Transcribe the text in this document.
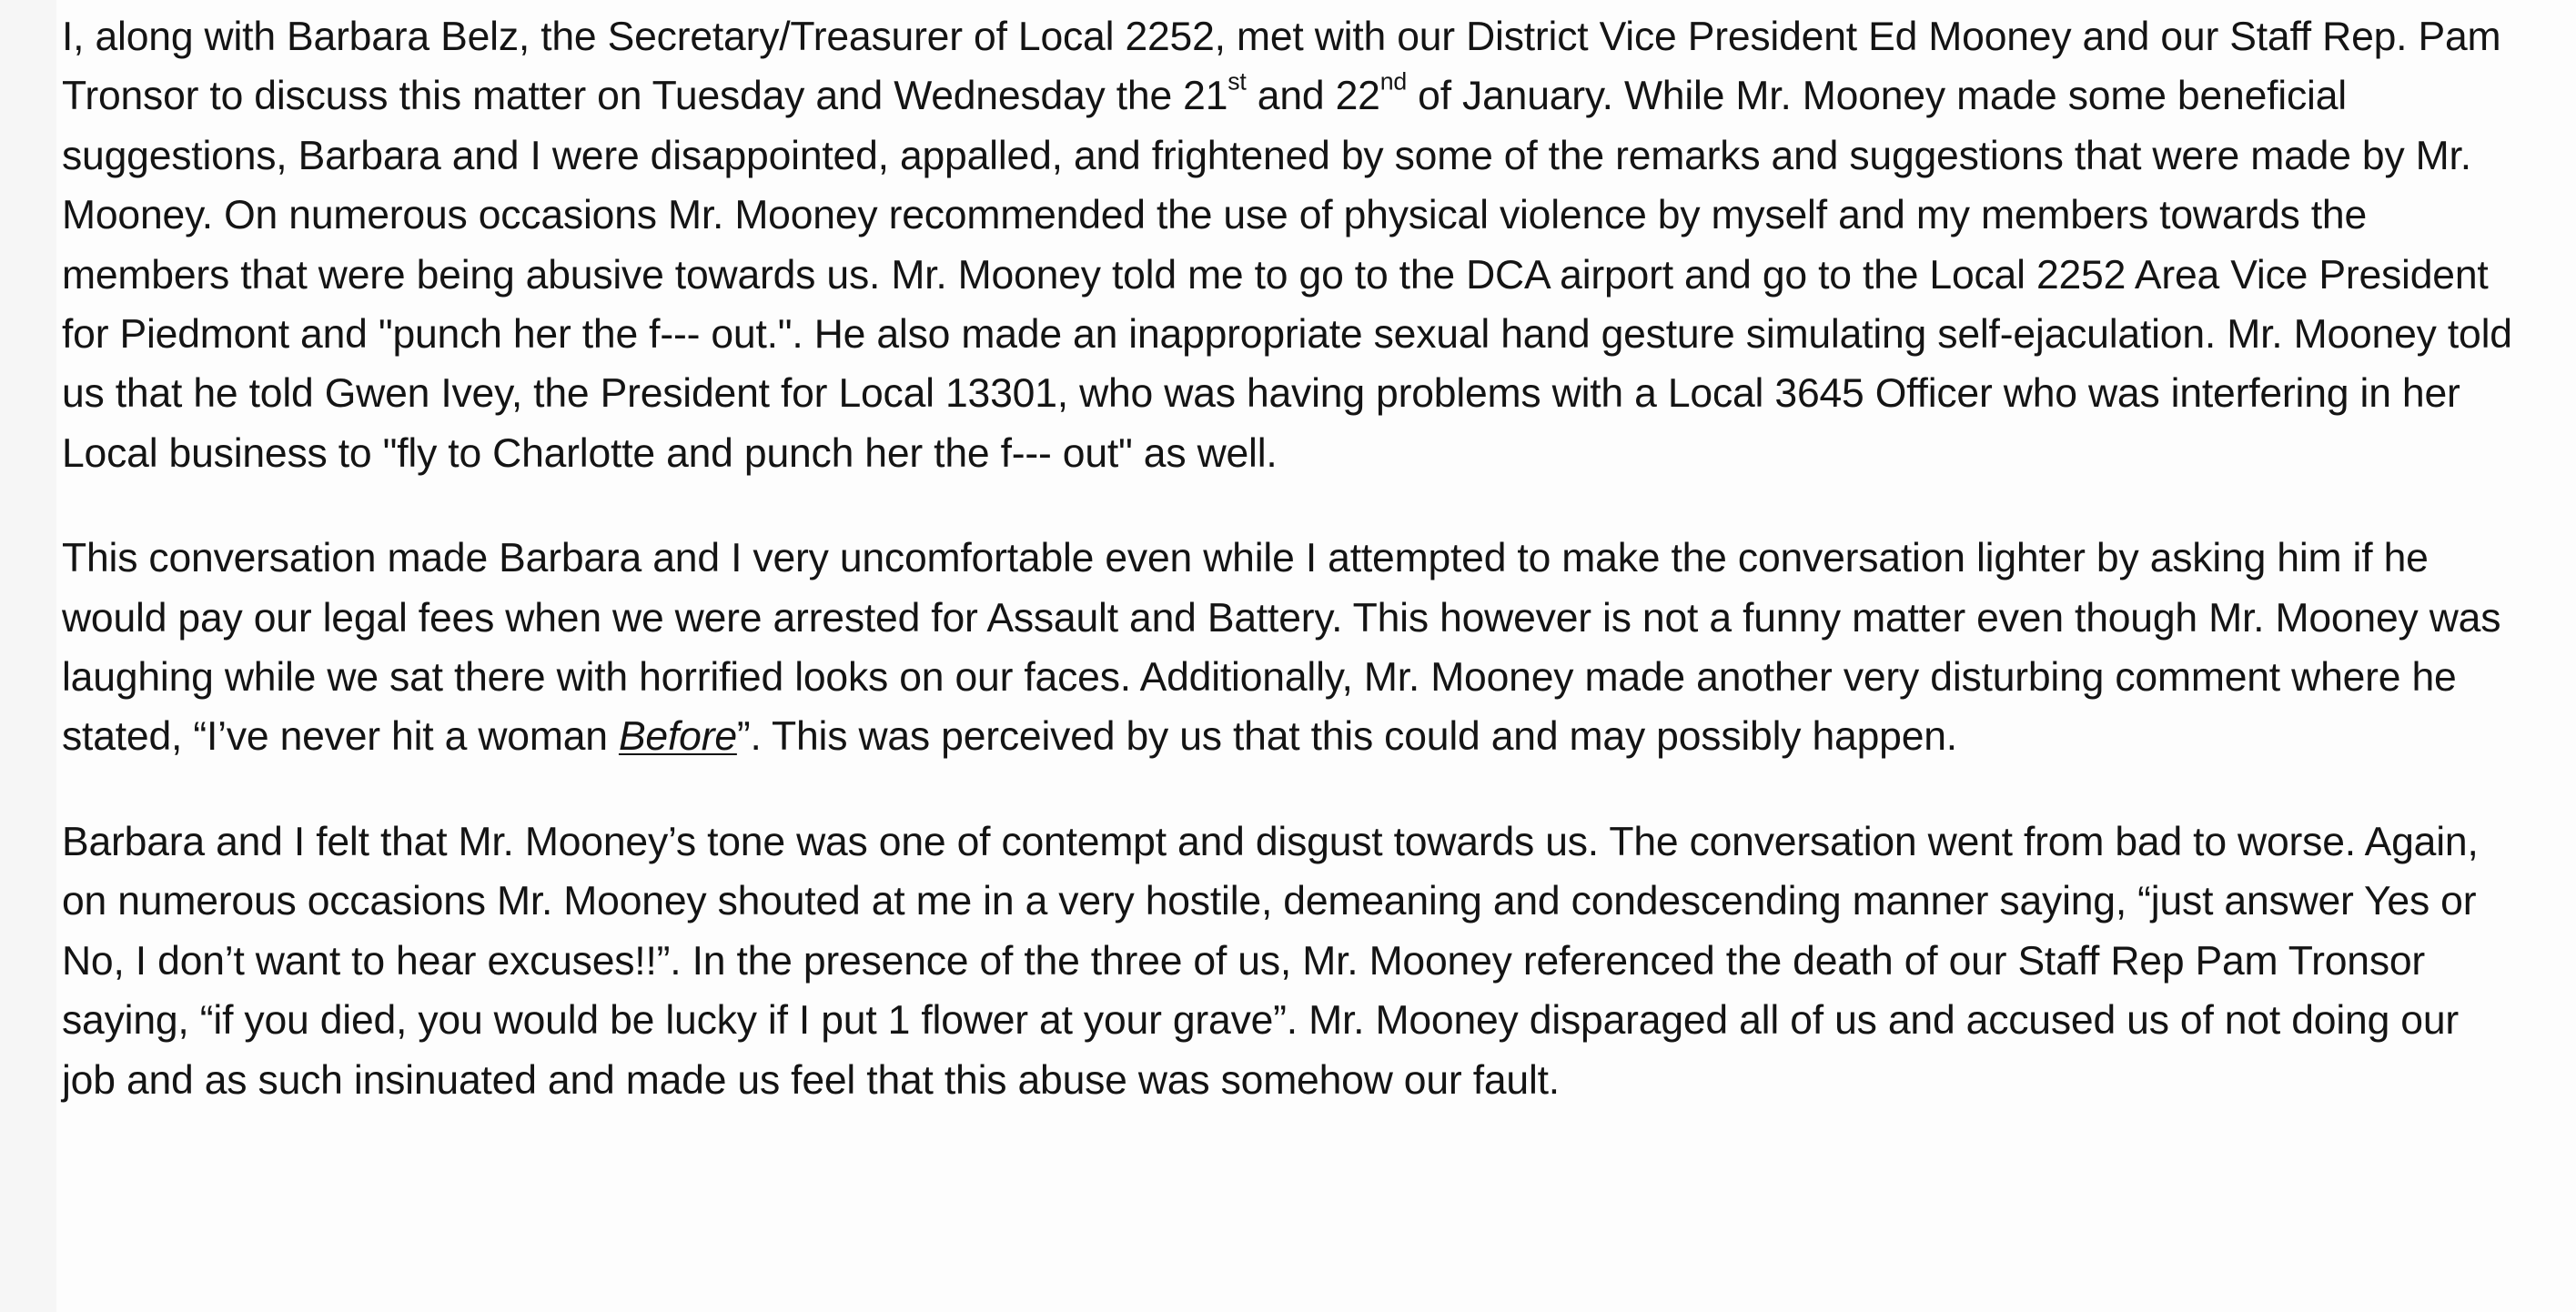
I, along with Barbara Belz, the Secretary/Treasurer of Local 2252, met with our District Vice President Ed Mooney and our Staff Rep. Pam Tronsor to discuss this matter on Tuesday and Wednesday the 21st and 22nd of January. While Mr. Mooney made some beneficial suggestions, Barbara and I were disappointed, appalled, and frightened by some of the remarks and suggestions that were made by Mr. Mooney. On numerous occasions Mr. Mooney recommended the use of physical violence by myself and my members towards the members that were being abusive towards us. Mr. Mooney told me to go to the DCA airport and go to the Local 2252 Area Vice President for Piedmont and "punch her the f--- out.". He also made an inappropriate sexual hand gesture simulating self-ejaculation. Mr. Mooney told us that he told Gwen Ivey, the President for Local 13301, who was having problems with a Local 3645 Officer who was interfering in her Local business to "fly to Charlotte and punch her the f--- out" as well.

This conversation made Barbara and I very uncomfortable even while I attempted to make the conversation lighter by asking him if he would pay our legal fees when we were arrested for Assault and Battery. This however is not a funny matter even though Mr. Mooney was laughing while we sat there with horrified looks on our faces. Additionally, Mr. Mooney made another very disturbing comment where he stated, “I’ve never hit a woman Before”. This was perceived by us that this could and may possibly happen.

Barbara and I felt that Mr. Mooney’s tone was one of contempt and disgust towards us. The conversation went from bad to worse. Again, on numerous occasions Mr. Mooney shouted at me in a very hostile, demeaning and condescending manner saying, “just answer Yes or No, I don’t want to hear excuses!!”. In the presence of the three of us, Mr. Mooney referenced the death of our Staff Rep Pam Tronsor saying, “if you died, you would be lucky if I put 1 flower at your grave”. Mr. Mooney disparaged all of us and accused us of not doing our job and as such insinuated and made us feel that this abuse was somehow our fault.
